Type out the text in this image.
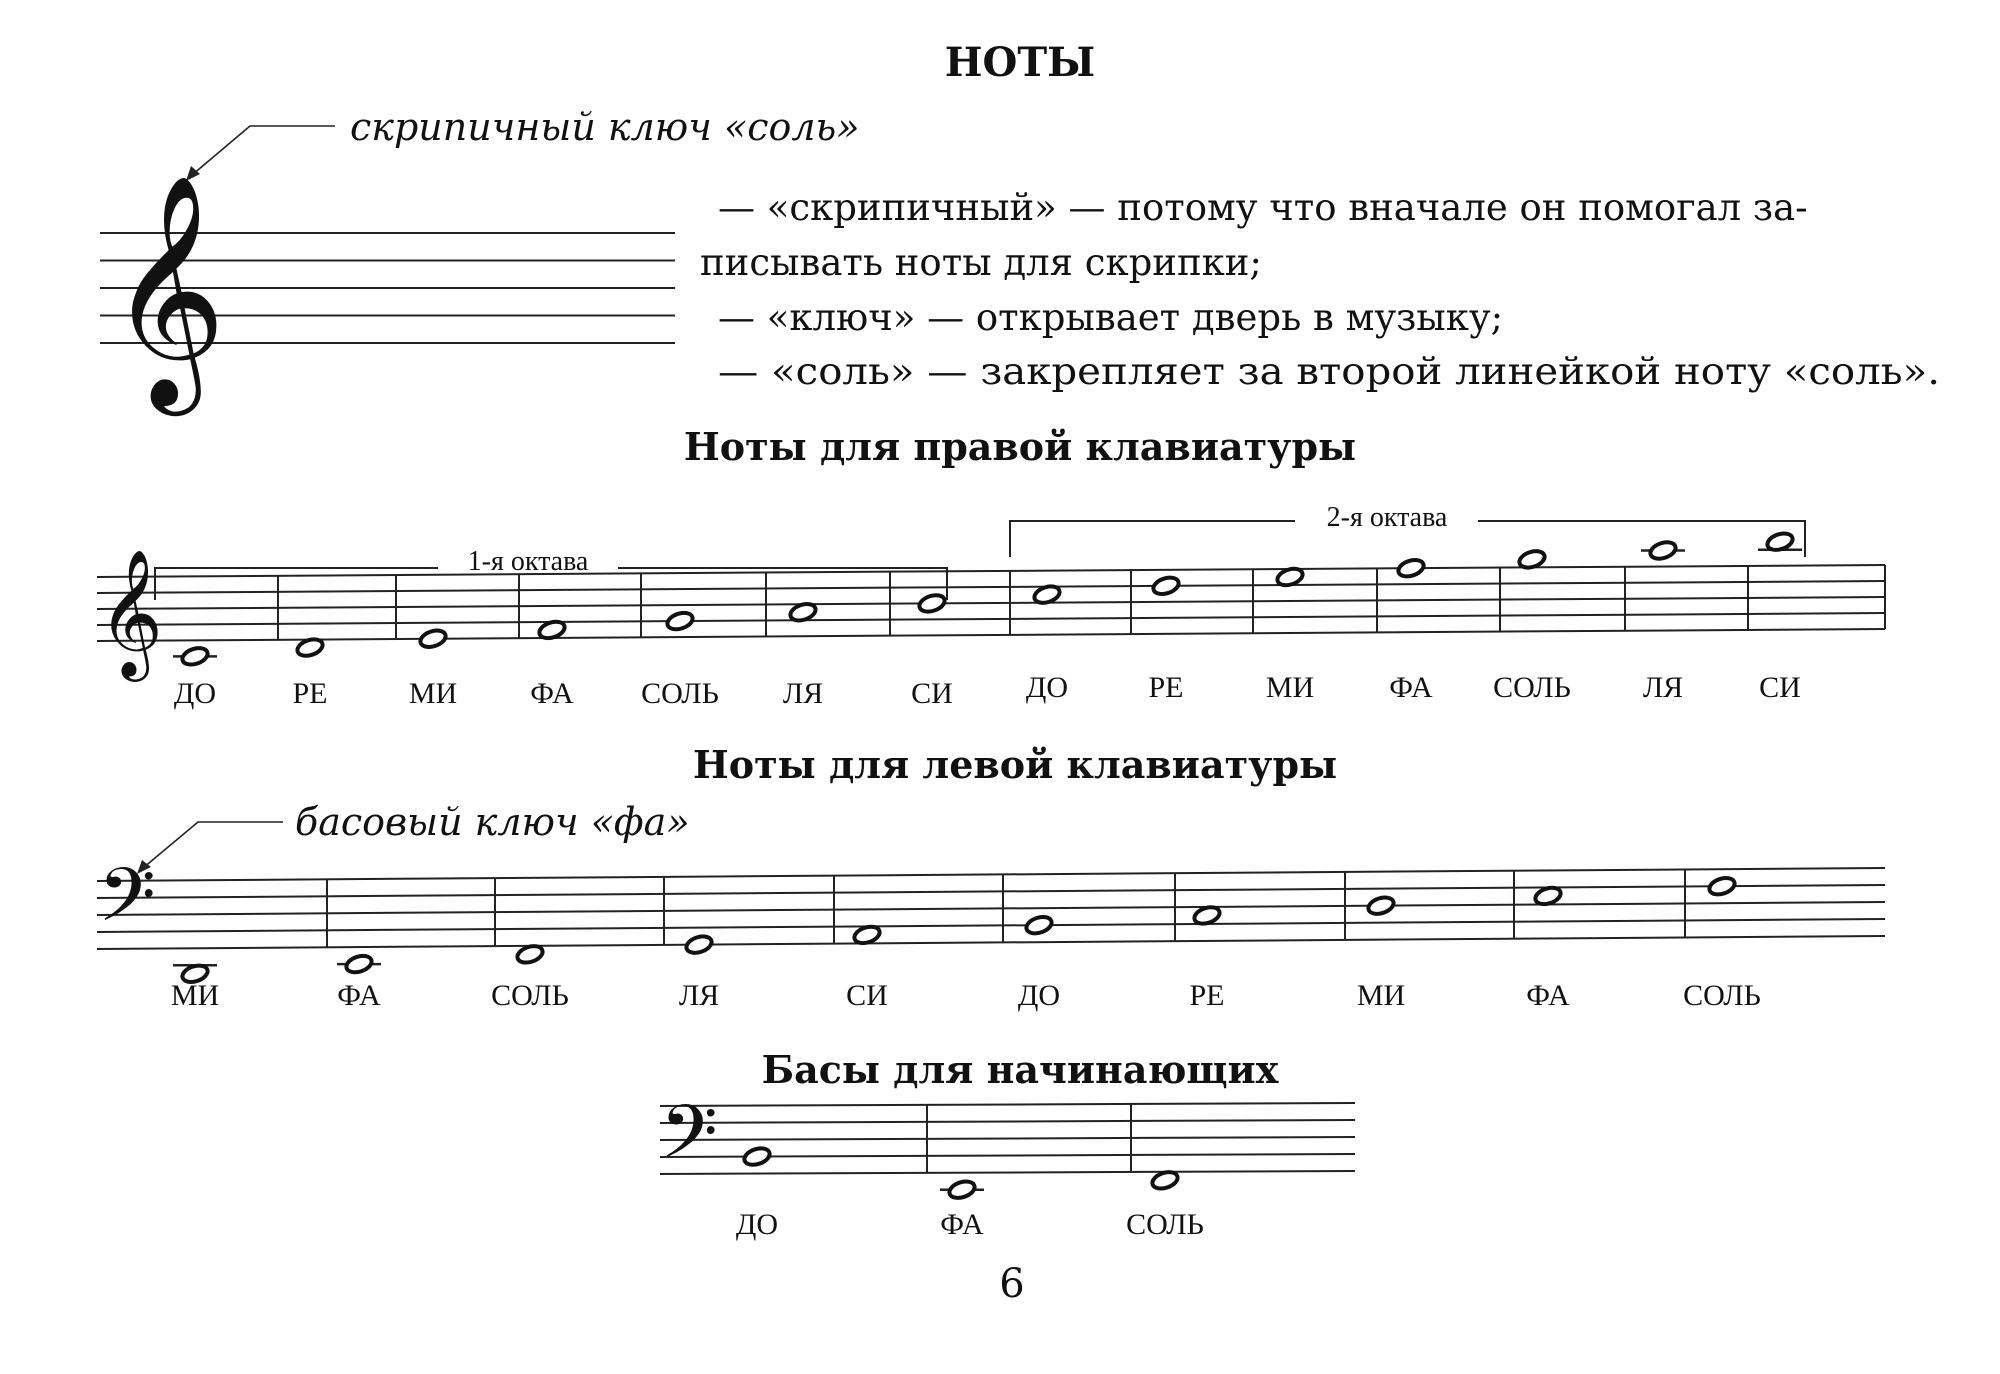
НОТЫ
скрипичный ключ «соль»
𝄞	— «скрипичный» — потому что вначале он помогал за-
писывать ноты для скрипки;
— «ключ» — открывает дверь в музыку;
— «соль» — закрепляет за второй линейкой ноту «соль».
Ноты для правой клавиатуры
1-я октава
2-я октава
𝄞
ДО	РЕ	МИ ФА СОЛЬ ЛЯ	СИ ДО	РЕ	МИ	ФА СОЛЬ ЛЯ	СИ
Ноты для левой клавиатуры
басовый ключ «фа»
𝄢
МИ	ФА	СОЛЬ	ЛЯ	СИ	ДО	РЕ	МИ	ФА	СОЛЬ
Басы для начинающих
𝄢
ДО	ФА	СОЛЬ
6
